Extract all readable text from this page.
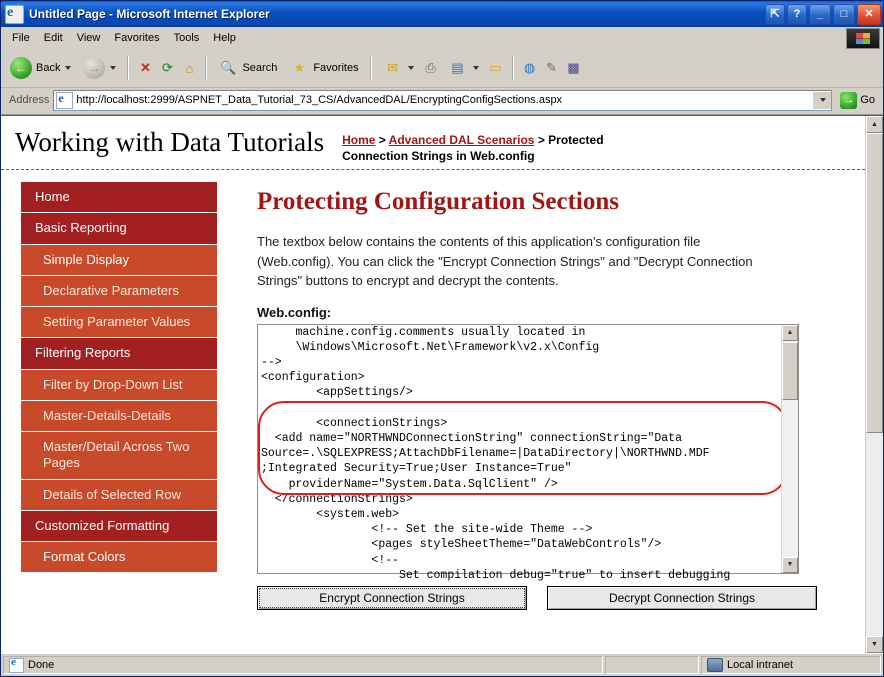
e Untitled Page - Microsoft Internet Explorer	⇱	?	_	□	✕
File	Edit	View	Favorites	Tools	Help
← Back	→	✕ ⟳ ⌂	🔍 Search	★ Favorites	✉	⎙	▤ ▭	◍ ✎ ▩
Address e http://localhost:2999/ASPNET_Data_Tutorial_73_CS/AdvancedDAL/EncryptingConfigSections.aspx	→ Go
Working with Data Tutorials	Home > Advanced DAL Scenarios > Protected Connection Strings in Web.config
Home
Basic Reporting
Simple Display
Declarative Parameters
Setting Parameter Values
Filtering Reports
Filter by Drop-Down List
Master-Details-Details
Master/Detail Across Two Pages
Details of Selected Row
Customized Formatting
Format Colors
Protecting Configuration Sections

The textbox below contains the contents of this application's configuration file (Web.config). You can click the "Encrypt Connection Strings" and "Decrypt Connection Strings" buttons to encrypt and decrypt the contents.

Web.config:
machine.config.comments usually located in
\Windows\Microsoft.Net\Framework\v2.x\Config
-->
<configuration>
<appSettings/>

<connectionStrings>
<add name="NORTHWNDConnectionString" connectionString="Data
Source=.\SQLEXPRESS;AttachDbFilename=|DataDirectory|\NORTHWND.MDF
;Integrated Security=True;User Instance=True"
providerName="System.Data.SqlClient" />
</connectionStrings>
<system.web>
<!-- Set the site-wide Theme -->
<pages styleSheetTheme="DataWebControls"/>
<!--
Set compilation debug="true" to insert debugging
▲
▼
Encrypt Connection Strings	Decrypt Connection Strings
▲
▼
e Done	Local intranet
